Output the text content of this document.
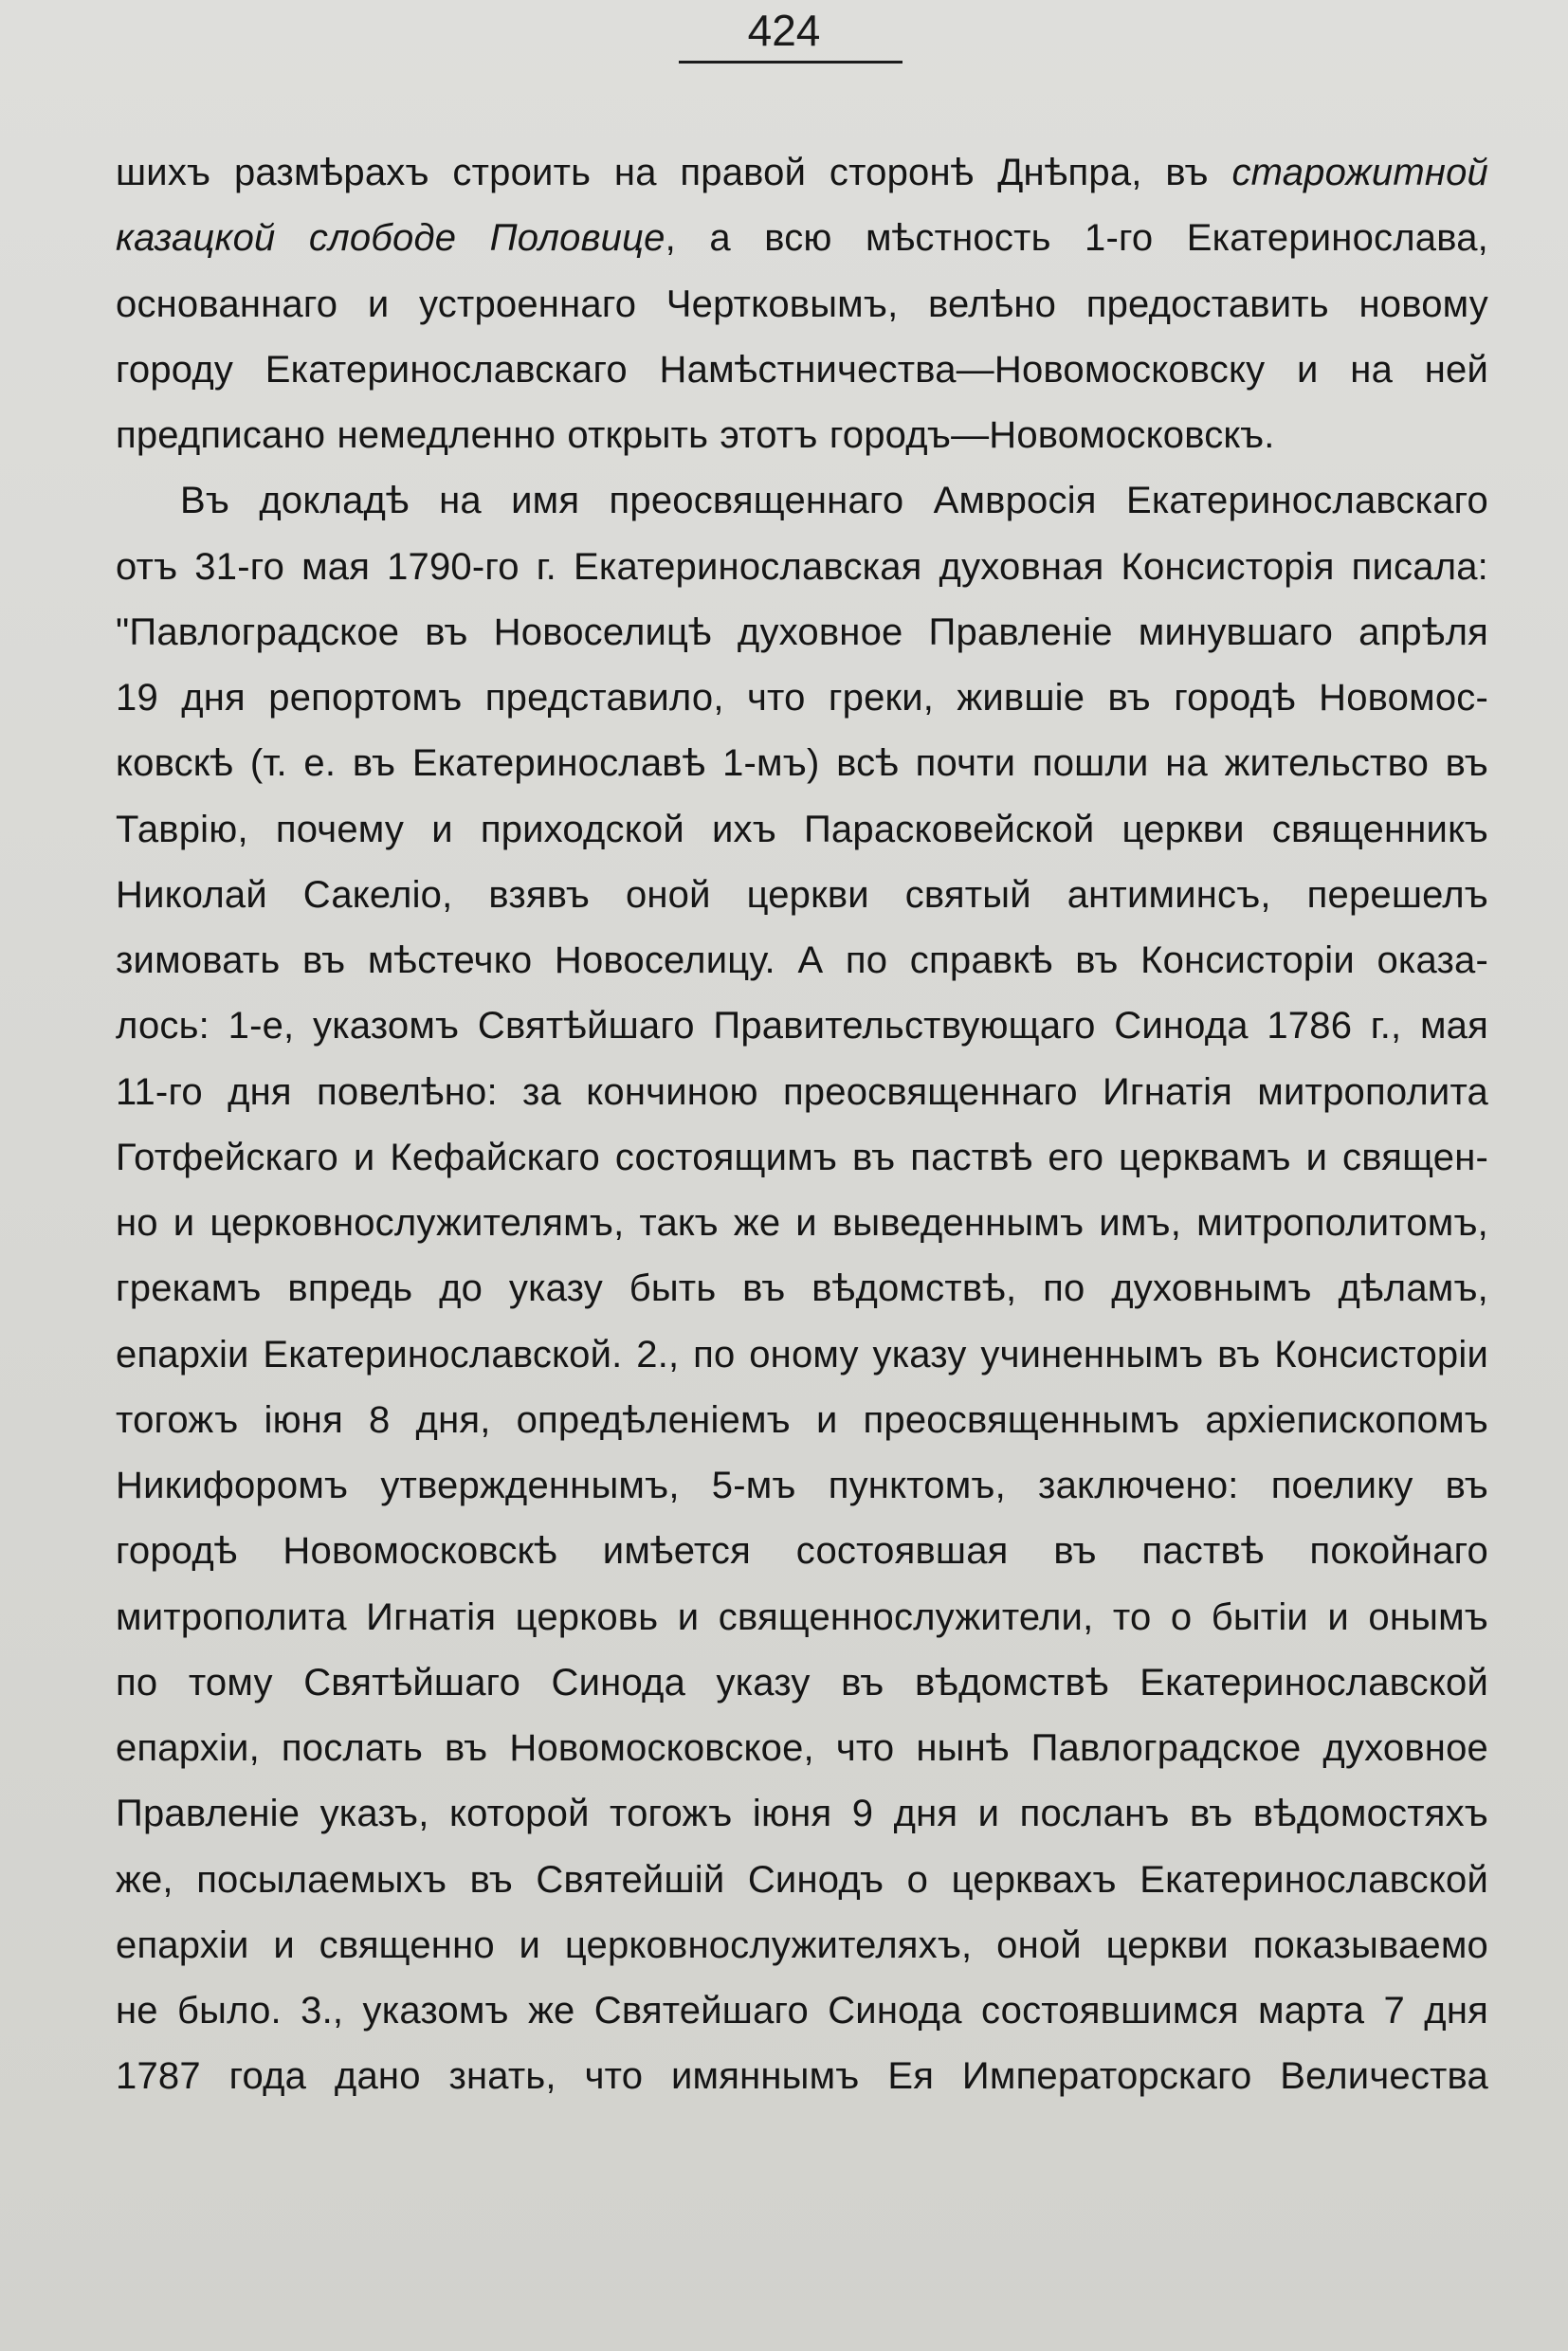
424
шихъ размѣрахъ строить на правой сторонѣ Днѣпра, въ старожитной
казацкой слободе Половице, а всю мѣстность 1-го Екатеринослава,
основаннаго и устроеннаго Чертковымъ, велѣно предоставить новому
городу Екатеринославскаго Намѣстничества—Новомосковску и на ней
предписано немедленно открыть этотъ городъ—Новомосковскъ.
Въ докладѣ на имя преосвященнаго Амвросія Екатеринославскаго
отъ 31-го мая 1790-го г. Екатеринославская духовная Консисторія писала:
"Павлоградское въ Новоселицѣ духовное Правленіе минувшаго апрѣля
19 дня репортомъ представило, что греки, жившіе въ городѣ Новомос-
ковскѣ (т. е. въ Екатеринославѣ 1-мъ) всѣ почти пошли на жительство въ
Таврію, почему и приходской ихъ Парасковейской церкви священникъ
Николай Сакеліо, взявъ оной церкви святый антиминсъ, перешелъ
зимовать въ мѣстечко Новоселицу. А по справкѣ въ Консисторіи оказа-
лось: 1-е, указомъ Святѣйшаго Правительствующаго Синода 1786 г., мая
11-го дня повелѣно: за кончиною преосвященнаго Игнатія митрополита
Готфейскаго и Кефайскаго состоящимъ въ паствѣ его церквамъ и священ-
но и церковнослужителямъ, такъ же и выведеннымъ имъ, митрополитомъ,
грекамъ впредь до указу быть въ вѣдомствѣ, по духовнымъ дѣламъ,
епархіи Екатеринославской. 2., по оному указу учиненнымъ въ Консисторіи
тогожъ іюня 8 дня, опредѣленіемъ и преосвященнымъ архіепископомъ
Никифоромъ утвержденнымъ, 5-мъ пунктомъ, заключено: поелику въ
городѣ Новомосковскѣ имѣется состоявшая въ паствѣ покойнаго
митрополита Игнатія церковь и священнослужители, то о бытіи и онымъ
по тому Святѣйшаго Синода указу въ вѣдомствѣ Екатеринославской
епархіи, послать въ Новомосковское, что нынѣ Павлоградское духовное
Правленіе указъ, которой тогожъ іюня 9 дня и посланъ въ вѣдомостяхъ
же, посылаемыхъ въ Святейшій Синодъ о церквахъ Екатеринославской
епархіи и священно и церковнослужителяхъ, оной церкви показываемо
не было. 3., указомъ же Святейшаго Синода состоявшимся марта 7 дня
1787 года дано знать, что имяннымъ Ея Императорскаго Величества
